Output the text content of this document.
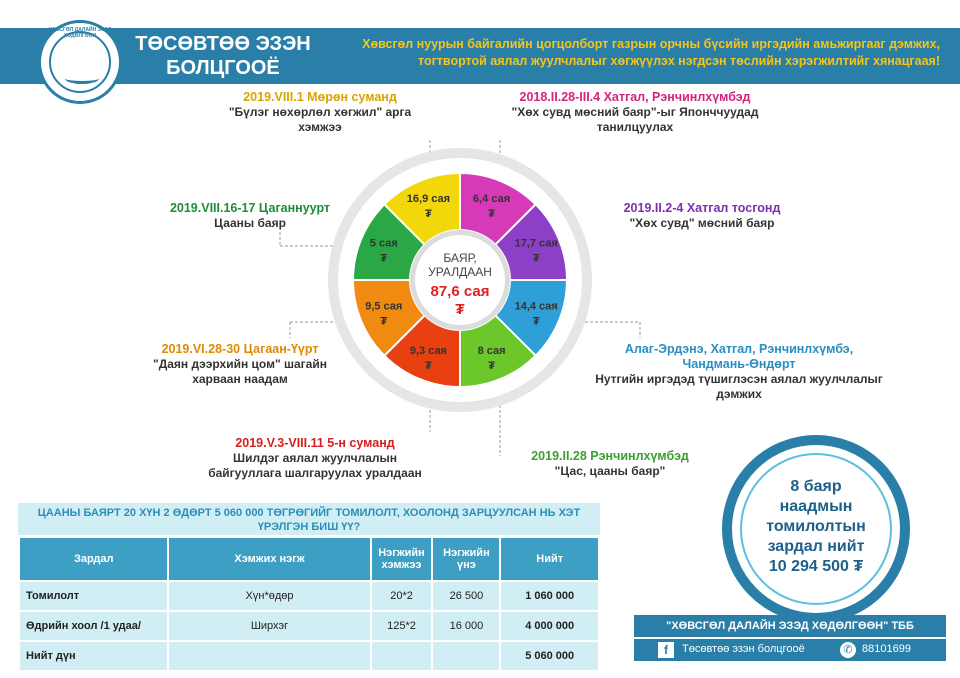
ХӨВСГӨЛ ДАЛАЙН ЭЗЭД ХӨДӨЛГӨӨН	ТӨСӨВТӨӨ ЭЗЭН БОЛЦГООЁ
Хөвсгөл нуурын байгалийн цогцолборт газрын орчны бүсийн иргэдийн амьжиргааг дэмжих, тогтвортой аялал жуулчлалыг хөгжүүлэх нэгдсэн төслийн хэрэгжилтийг хянацгаая!
6,4 сая
₮
17,7 сая
₮
14,4 сая
₮
8 сая
₮
9,3 сая
₮
9,5 сая
₮
5 сая
₮
16,9 сая
₮
БАЯР,
УРАЛДААН
87,6 сая
₮
2019.VIII.1 Мөрөн суманд
"Бүлэг нөхөрлөл хөгжил" арга хэмжээ
2018.II.28-III.4 Хатгал, Рэнчинлхүмбэд
"Хөх сувд мөсний баяр"-ыг Японччуудад танилцуулах
2019.VIII.16-17 Цаганнуурт
Цааны баяр
2019.II.2-4 Хатгал тосгонд
"Хөх сувд" мөсний баяр
Алаг-Эрдэнэ, Хатгал, Рэнчинлхүмбэ, Чандмань-Өндөрт
Нутгийн иргэдэд түшиглэсэн аялал жуулчлалыг дэмжих
2019.VI.28-30 Цагаан-Үүрт
"Даян дээрхийн цом" шагайн харваан наадам
2019.V.3-VIII.11 5-н суманд
Шилдэг аялал жуулчлалын байгууллага шалгаруулах уралдаан
2019.II.28 Рэнчинлхүмбэд
"Цас, цааны баяр"
ЦААНЫ БАЯРТ 20 ХҮН 2 ӨДӨРТ 5 060 000 ТӨГРӨГИЙГ ТОМИЛОЛТ, ХООЛОНД ЗАРЦУУЛСАН НЬ ХЭТ ҮРЭЛГЭН БИШ ҮҮ?
Зардал	Хэмжих нэгж	Нэгжийн хэмжээ	Нэгжийн үнэ	Нийт
Томилолт	Хүн*өдөр	20*2	26 500	1 060 000
Өдрийн хоол /1 удаа/	Ширхэг	125*2	16 000	4 000 000
Нийт дүн				5 060 000
8 баяр
наадмын
томилолтын
зардал нийт
10 294 500 ₮
"ХӨВСГӨЛ ДАЛАЙН ЭЗЭД ХӨДӨЛГӨӨН" ТББ
f	Төсөвтөө эзэн болцгооё	✆ 88101699
